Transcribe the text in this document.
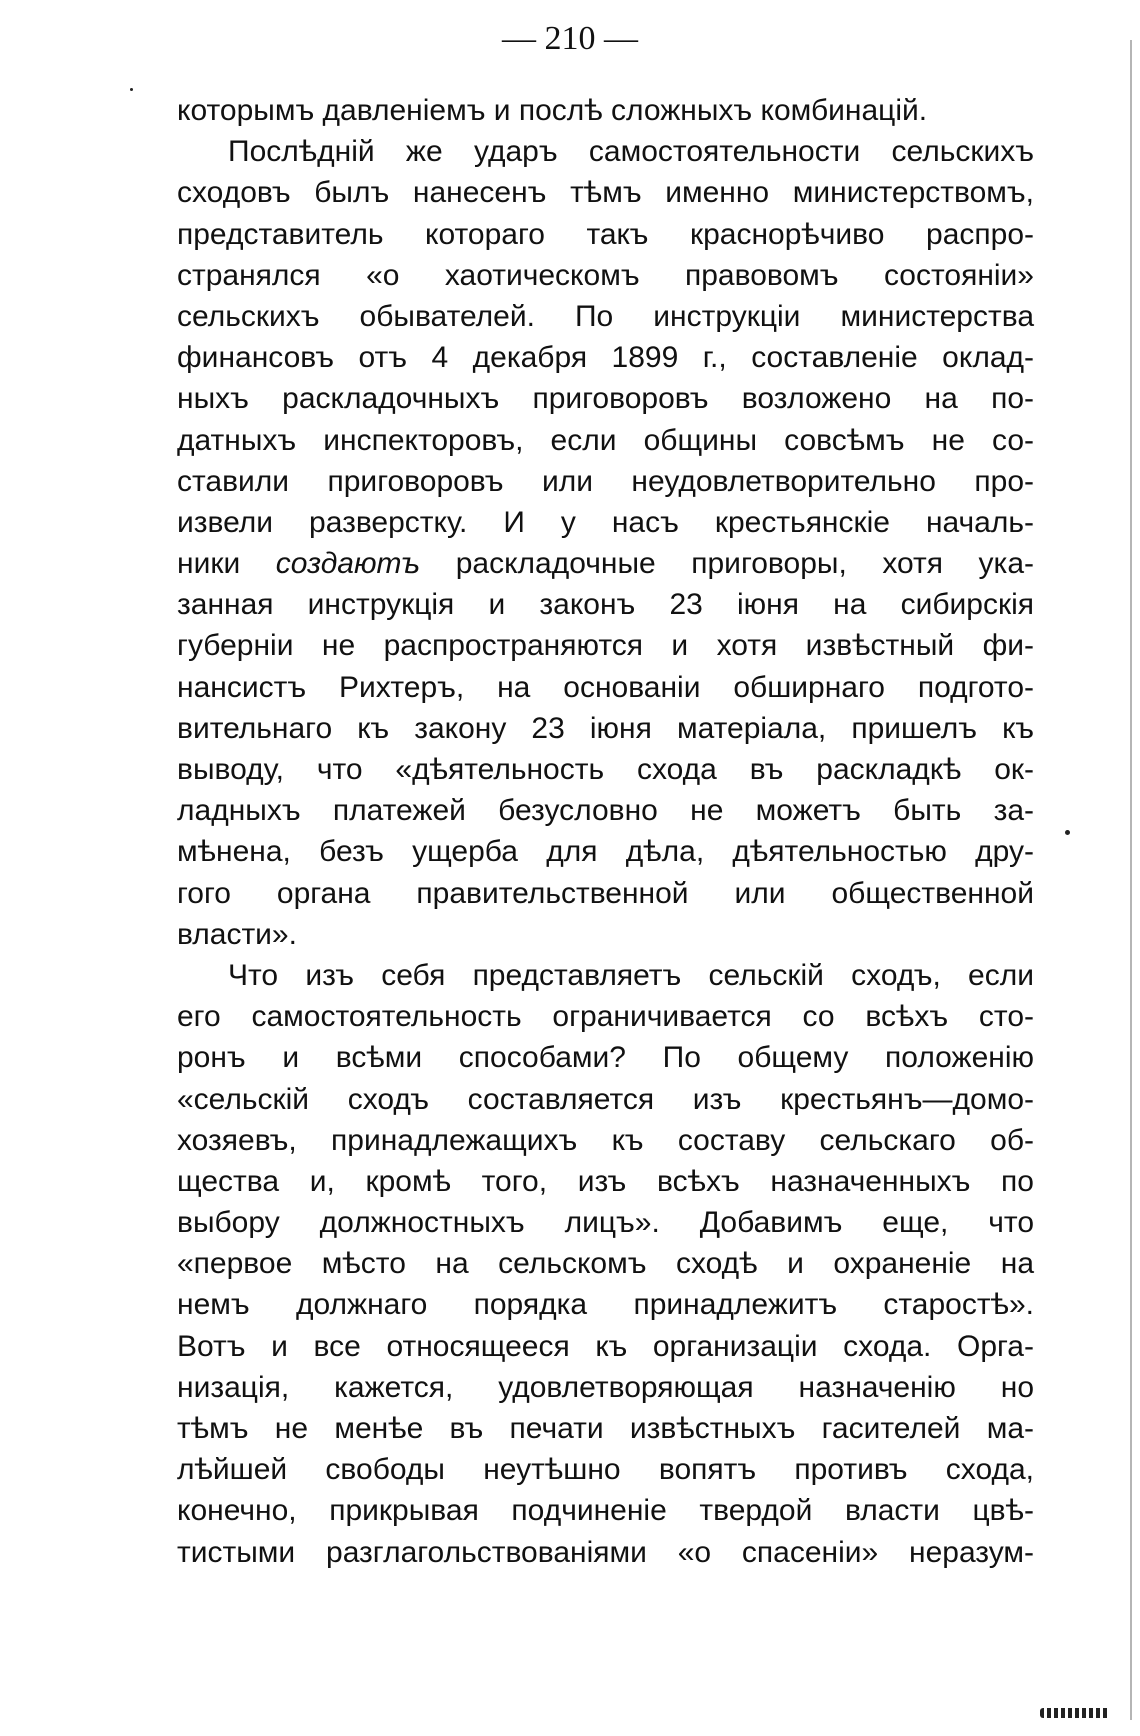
— 210 —
которымъ давленіемъ и послѣ сложныхъ комбинацій.
Послѣдній же ударъ самостоятельности сельскихъ
сходовъ былъ нанесенъ тѣмъ именно министерствомъ,
представитель котораго такъ краснорѣчиво распро-
странялся «о хаотическомъ правовомъ состояніи»
сельскихъ обывателей. По инструкціи министерства
финансовъ отъ 4 декабря 1899 г., составленіе оклад-
ныхъ раскладочныхъ приговоровъ возложено на по-
датныхъ инспекторовъ, если общины совсѣмъ не со-
ставили приговоровъ или неудовлетворительно про-
извели разверстку. И у насъ крестьянскіе началь-
ники создаютъ раскладочные приговоры, хотя ука-
занная инструкція и законъ 23 іюня на сибирскія
губерніи не распространяются и хотя извѣстный фи-
нансистъ Рихтеръ, на основаніи обширнаго подгото-
вительнаго къ закону 23 іюня матеріала, пришелъ къ
выводу, что «дѣятельность схода въ раскладкѣ ок-
ладныхъ платежей безусловно не можетъ быть за-
мѣнена, безъ ущерба для дѣла, дѣятельностью дру-
гого органа правительственной или общественной
власти».
Что изъ себя представляетъ сельскій сходъ, если
его самостоятельность ограничивается со всѣхъ сто-
ронъ и всѣми способами? По общему положенію
«сельскій сходъ составляется изъ крестьянъ—домо-
хозяевъ, принадлежащихъ къ составу сельскаго об-
щества и, кромѣ того, изъ всѣхъ назначенныхъ по
выбору должностныхъ лицъ». Добавимъ еще, что
«первое мѣсто на сельскомъ сходѣ и охраненіе на
немъ должнаго порядка принадлежитъ старостѣ».
Вотъ и все относящееся къ организаціи схода. Орга-
низація, кажется, удовлетворяющая назначенію но
тѣмъ не менѣе въ печати извѣстныхъ гасителей ма-
лѣйшей свободы неутѣшно вопятъ противъ схода,
конечно, прикрывая подчиненіе твердой власти цвѣ-
тистыми разглагольствованіями «о спасеніи» неразум-
